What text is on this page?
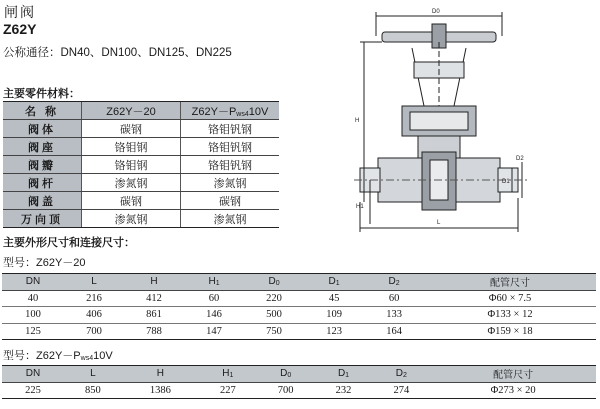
闸阀
Z62Y
公称通径：DN40、DN100、DN125、DN225
主要零件材料：
名 称	Z62Y－20	$Z62Y-P_{ws4}10V$
阀体	碳钢	铬钼钒钢
阀座	铬钼钢	铬钼钒钢
阀瓣	铬钼钢	铬钼钒钢
阀杆	渗氮钢	渗氮钢
阀盖	碳钢	碳钢
万向顶	渗氮钢	渗氮钢
主要外形尺寸和连接尺寸：
型号：Z62Y－20
DN	L	H	$H_1$	$D_0$	$D_1$	$D_2$	配管尺寸
40	216	412	60	220	45	60	Φ60 × 7.5
100	406	861	146	500	109	133	Φ133 × 12
125	700	788	147	750	123	164	Φ159 × 18
型号：$Z62Y-P_{ws4}10V$
DN	L	H	$H_1$	$D_0$	$D_1$	$D_2$	配管尺寸
225	850	1386	227	700	232	274	Φ273 × 20
D0
H
H1
D1
D2
L
